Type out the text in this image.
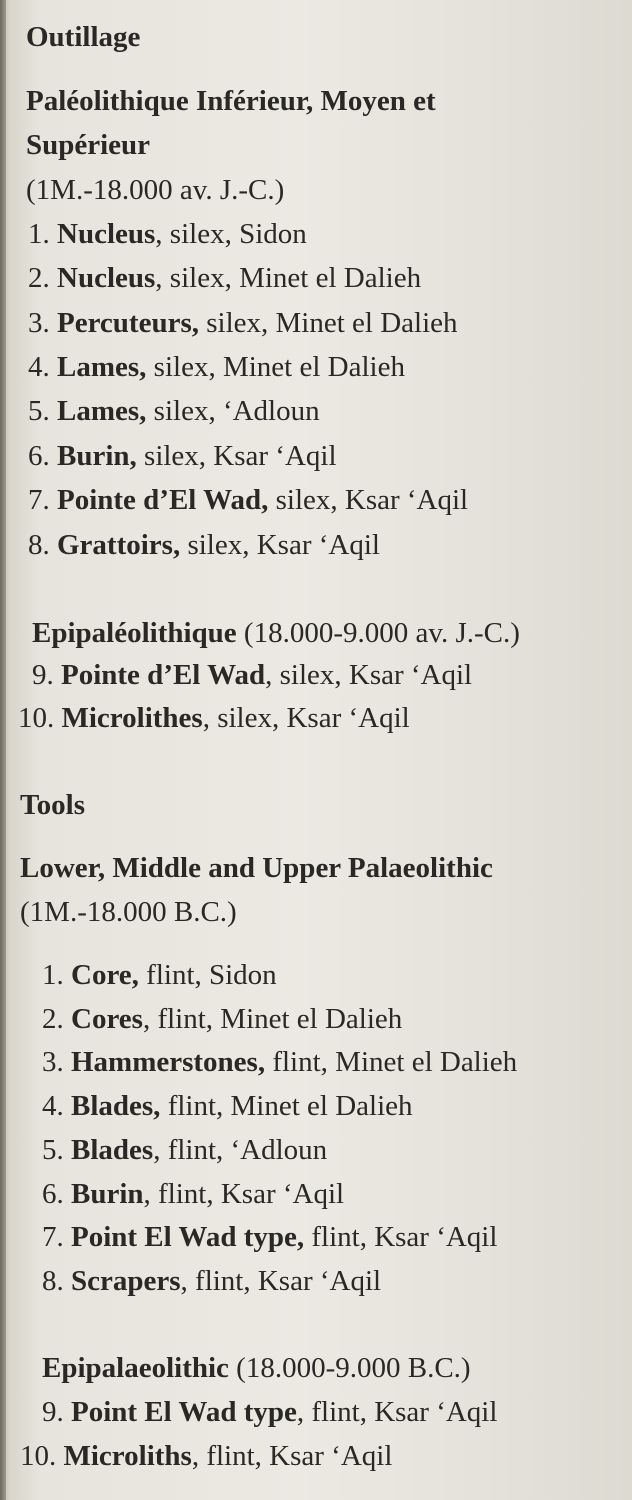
Outillage
Paléolithique Inférieur, Moyen et
Supérieur
(1M.-18.000 av. J.-C.)
1. Nucleus, silex, Sidon
2. Nucleus, silex, Minet el Dalieh
3. Percuteurs, silex, Minet el Dalieh
4. Lames, silex, Minet el Dalieh
5. Lames, silex, ‘Adloun
6. Burin, silex, Ksar ‘Aqil
7. Pointe d’El Wad, silex, Ksar ‘Aqil
8. Grattoirs, silex, Ksar ‘Aqil
Epipaléolithique (18.000-9.000 av. J.-C.)
9. Pointe d’El Wad, silex, Ksar ‘Aqil
10. Microlithes, silex, Ksar ‘Aqil
Tools
Lower, Middle and Upper Palaeolithic
(1M.-18.000 B.C.)
1. Core, flint, Sidon
2. Cores, flint, Minet el Dalieh
3. Hammerstones, flint, Minet el Dalieh
4. Blades, flint, Minet el Dalieh
5. Blades, flint, ‘Adloun
6. Burin, flint, Ksar ‘Aqil
7. Point El Wad type, flint, Ksar ‘Aqil
8. Scrapers, flint, Ksar ‘Aqil
Epipalaeolithic (18.000-9.000 B.C.)
9. Point El Wad type, flint, Ksar ‘Aqil
10. Microliths, flint, Ksar ‘Aqil
